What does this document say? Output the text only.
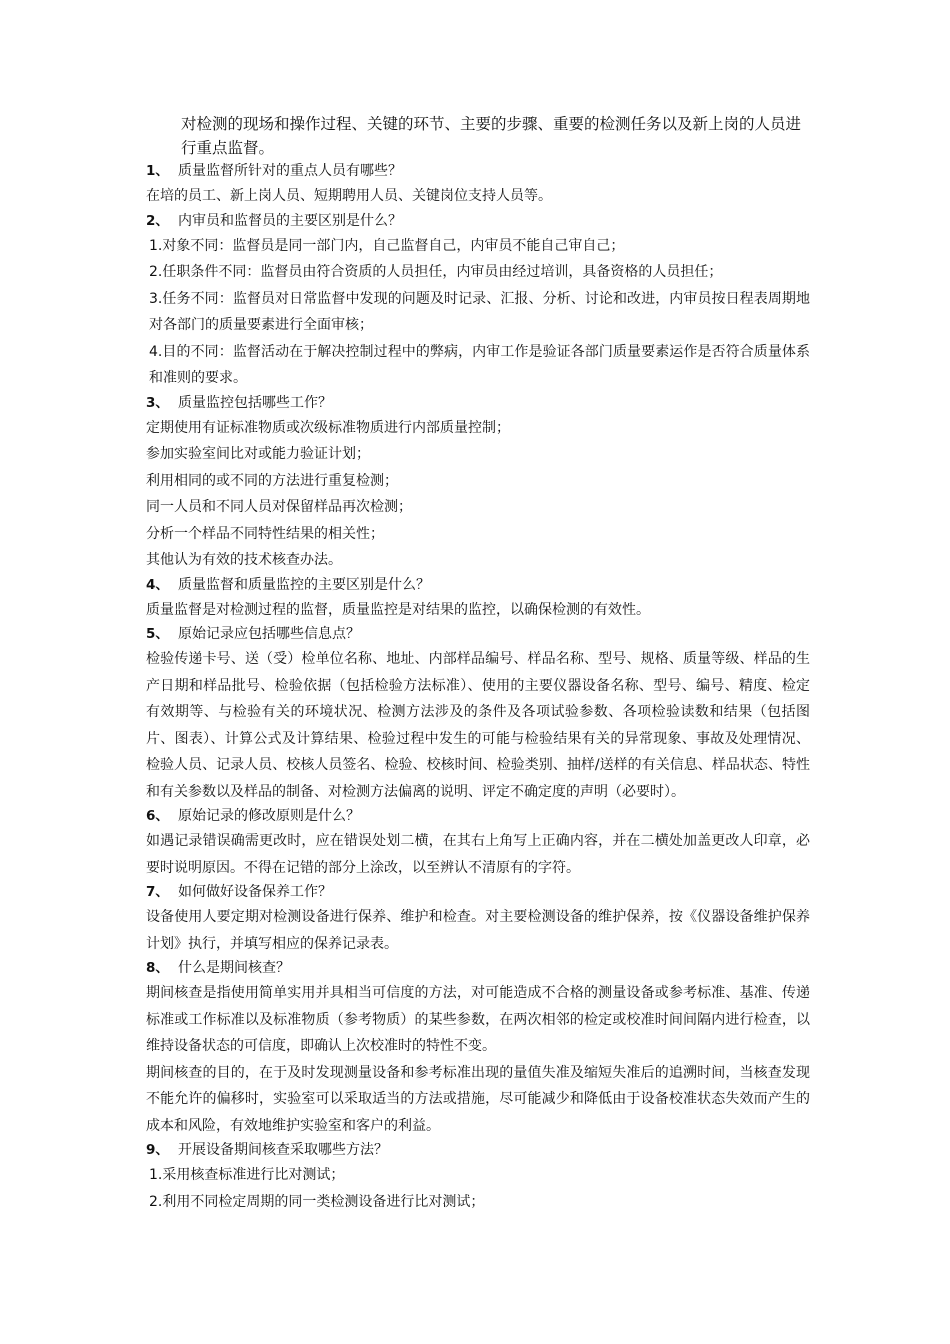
对检测的现场和操作过程、关键的环节、主要的步骤、重要的检测任务以及新上岗的人员进行重点监督。
1、 质量监督所针对的重点人员有哪些？
在培的员工、新上岗人员、短期聘用人员、关键岗位支持人员等。
2、 内审员和监督员的主要区别是什么？
1.对象不同：监督员是同一部门内，自己监督自己，内审员不能自己审自己；
2.任职条件不同：监督员由符合资质的人员担任，内审员由经过培训，具备资格的人员担任；
3.任务不同：监督员对日常监督中发现的问题及时记录、汇报、分析、讨论和改进，内审员按日程表周期地对各部门的质量要素进行全面审核；
4.目的不同：监督活动在于解决控制过程中的弊病，内审工作是验证各部门质量要素运作是否符合质量体系和准则的要求。
3、 质量监控包括哪些工作？
定期使用有证标准物质或次级标准物质进行内部质量控制；
参加实验室间比对或能力验证计划；
利用相同的或不同的方法进行重复检测；
同一人员和不同人员对保留样品再次检测；
分析一个样品不同特性结果的相关性；
其他认为有效的技术核查办法。
4、 质量监督和质量监控的主要区别是什么？
质量监督是对检测过程的监督，质量监控是对结果的监控，以确保检测的有效性。
5、 原始记录应包括哪些信息点？
检验传递卡号、送（受）检单位名称、地址、内部样品编号、样品名称、型号、规格、质量等级、样品的生产日期和样品批号、检验依据（包括检验方法标准）、使用的主要仪器设备名称、型号、编号、精度、检定有效期等、与检验有关的环境状况、检测方法涉及的条件及各项试验参数、各项检验读数和结果（包括图片、图表）、计算公式及计算结果、检验过程中发生的可能与检验结果有关的异常现象、事故及处理情况、检验人员、记录人员、校核人员签名、检验、校核时间、检验类别、抽样/送样的有关信息、样品状态、特性和有关参数以及样品的制备、对检测方法偏离的说明、评定不确定度的声明（必要时）。
6、 原始记录的修改原则是什么？
如遇记录错误确需更改时，应在错误处划二横，在其右上角写上正确内容，并在二横处加盖更改人印章，必要时说明原因。不得在记错的部分上涂改，以至辨认不清原有的字符。
7、 如何做好设备保养工作？
设备使用人要定期对检测设备进行保养、维护和检查。对主要检测设备的维护保养，按《仪器设备维护保养计划》执行，并填写相应的保养记录表。
8、 什么是期间核查？
期间核查是指使用简单实用并具相当可信度的方法，对可能造成不合格的测量设备或参考标准、基准、传递标准或工作标准以及标准物质（参考物质）的某些参数，在两次相邻的检定或校准时间间隔内进行检查，以维持设备状态的可信度，即确认上次校准时的特性不变。
期间核查的目的，在于及时发现测量设备和参考标准出现的量值失准及缩短失准后的追溯时间，当核查发现不能允许的偏移时，实验室可以采取适当的方法或措施，尽可能减少和降低由于设备校准状态失效而产生的成本和风险，有效地维护实验室和客户的利益。
9、 开展设备期间核查采取哪些方法？
1.采用核查标准进行比对测试；
2.利用不同检定周期的同一类检测设备进行比对测试；
